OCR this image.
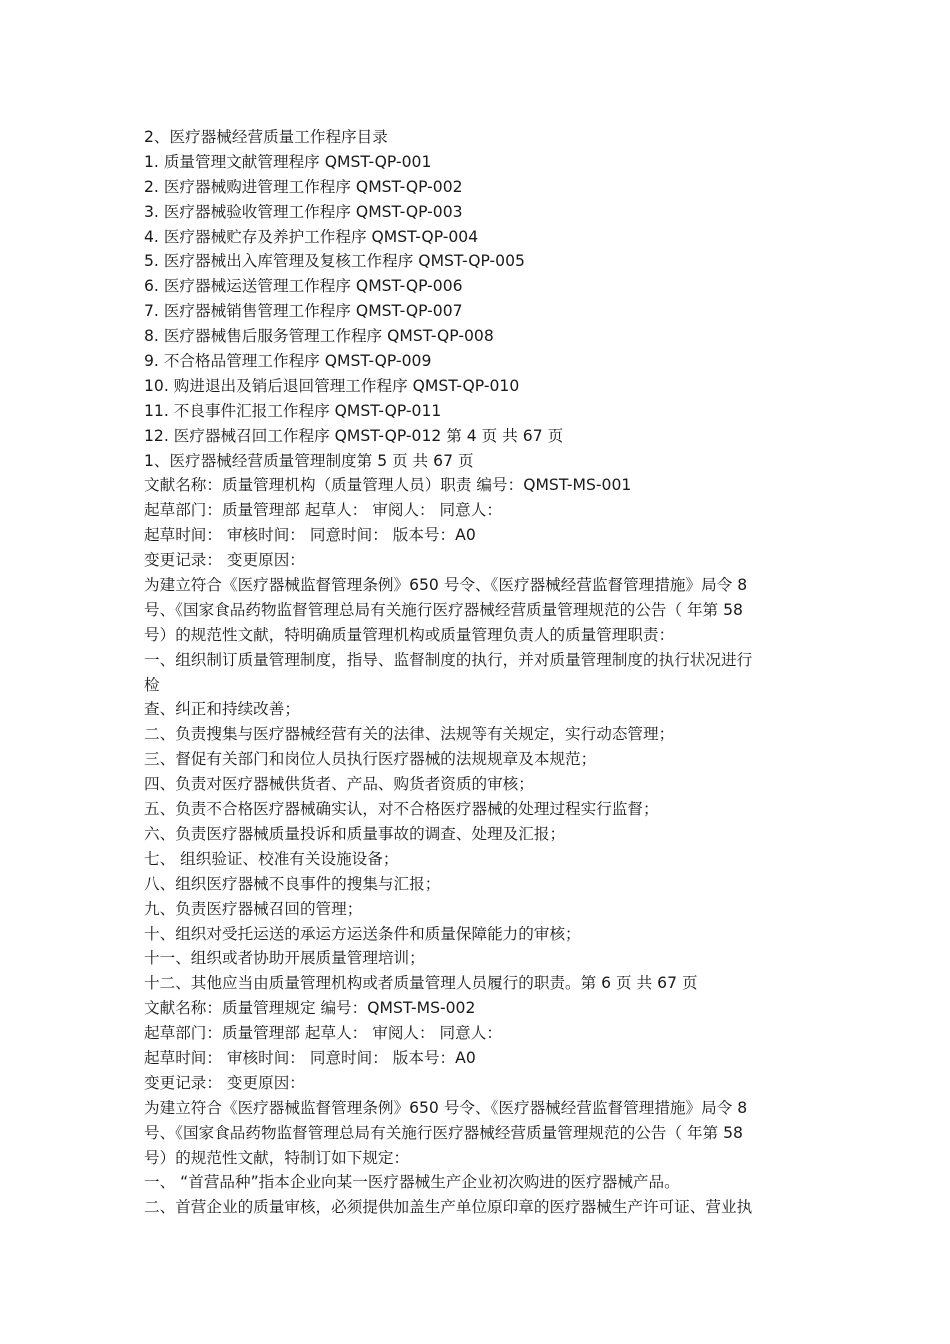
2、医疗器械经营质量工作程序目录
1. 质量管理文献管理程序 QMST-QP-001
2. 医疗器械购进管理工作程序 QMST-QP-002
3. 医疗器械验收管理工作程序 QMST-QP-003
4. 医疗器械贮存及养护工作程序 QMST-QP-004
5. 医疗器械出入库管理及复核工作程序 QMST-QP-005
6. 医疗器械运送管理工作程序 QMST-QP-006
7. 医疗器械销售管理工作程序 QMST-QP-007
8. 医疗器械售后服务管理工作程序 QMST-QP-008
9. 不合格品管理工作程序 QMST-QP-009
10. 购进退出及销后退回管理工作程序 QMST-QP-010
11. 不良事件汇报工作程序 QMST-QP-011
12. 医疗器械召回工作程序 QMST-QP-012 第 4 页 共 67 页
1、医疗器械经营质量管理制度第 5 页 共 67 页
文献名称：质量管理机构（质量管理人员）职责 编号：QMST-MS-001
起草部门：质量管理部 起草人： 审阅人： 同意人：
起草时间： 审核时间： 同意时间： 版本号：A0
变更记录： 变更原因：
为建立符合《医疗器械监督管理条例》650 号令、《医疗器械经营监督管理措施》局令 8
号、《国家食品药物监督管理总局有关施行医疗器械经营质量管理规范的公告（ 年第 58
号）的规范性文献，特明确质量管理机构或质量管理负责人的质量管理职责：
一、组织制订质量管理制度，指导、监督制度的执行，并对质量管理制度的执行状况进行
检
查、纠正和持续改善；
二、负责搜集与医疗器械经营有关的法律、法规等有关规定，实行动态管理；
三、督促有关部门和岗位人员执行医疗器械的法规规章及本规范；
四、负责对医疗器械供货者、产品、购货者资质的审核；
五、负责不合格医疗器械确实认，对不合格医疗器械的处理过程实行监督；
六、负责医疗器械质量投诉和质量事故的调查、处理及汇报；
七、 组织验证、校准有关设施设备；
八、组织医疗器械不良事件的搜集与汇报；
九、负责医疗器械召回的管理；
十、组织对受托运送的承运方运送条件和质量保障能力的审核；
十一、组织或者协助开展质量管理培训；
十二、其他应当由质量管理机构或者质量管理人员履行的职责。第 6 页 共 67 页
文献名称：质量管理规定 编号：QMST-MS-002
起草部门：质量管理部 起草人： 审阅人： 同意人：
起草时间： 审核时间： 同意时间： 版本号：A0
变更记录： 变更原因：
为建立符合《医疗器械监督管理条例》650 号令、《医疗器械经营监督管理措施》局令 8
号、《国家食品药物监督管理总局有关施行医疗器械经营质量管理规范的公告（ 年第 58
号）的规范性文献，特制订如下规定：
一、 “首营品种”指本企业向某一医疗器械生产企业初次购进的医疗器械产品。
二、首营企业的质量审核，必须提供加盖生产单位原印章的医疗器械生产许可证、营业执
